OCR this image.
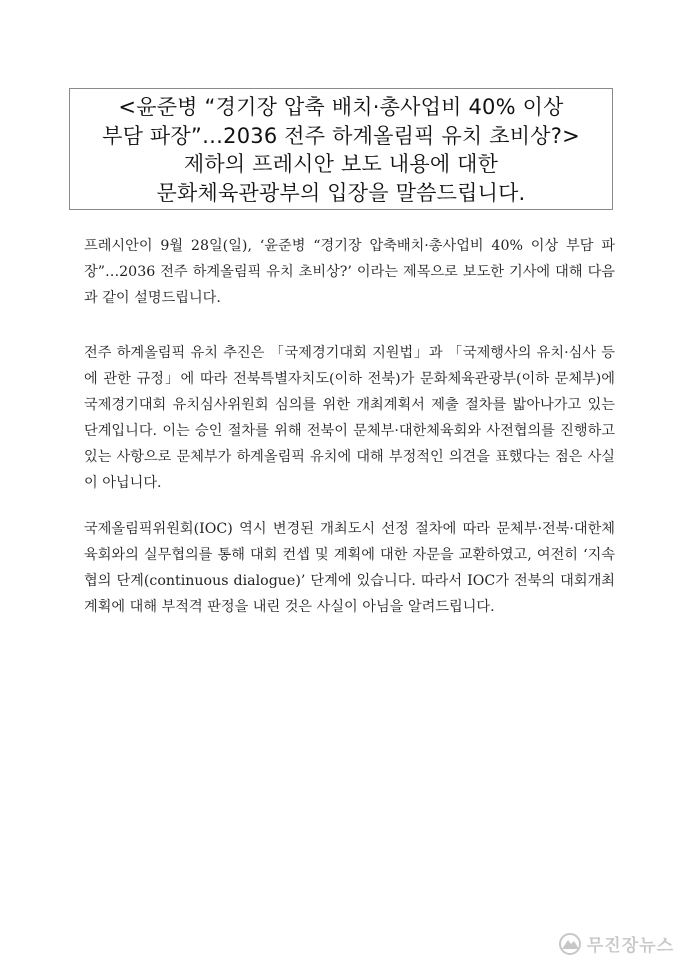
<윤준병 “경기장 압축 배치·총사업비 40% 이상
부담 파장”…2036 전주 하계올림픽 유치 초비상?>
제하의 프레시안 보도 내용에 대한
문화체육관광부의 입장을 말씀드립니다.

프레시안이 9월 28일(일), ‘윤준병 “경기장 압축배치·총사업비 40% 이상 부담 파장”…2036 전주 하계올림픽 유치 초비상?’ 이라는 제목으로 보도한 기사에 대해 다음과 같이 설명드립니다.

전주 하계올림픽 유치 추진은 「국제경기대회 지원법」과 「국제행사의 유치·심사 등에 관한 규정」에 따라 전북특별자치도(이하 전북)가 문화체육관광부(이하 문체부)에 국제경기대회 유치심사위원회 심의를 위한 개최계획서 제출 절차를 밟아나가고 있는 단계입니다. 이는 승인 절차를 위해 전북이 문체부·대한체육회와 사전협의를 진행하고 있는 사항으로 문체부가 하계올림픽 유치에 대해 부정적인 의견을 표했다는 점은 사실이 아닙니다.

국제올림픽위원회(IOC) 역시 변경된 개최도시 선정 절차에 따라 문체부·전북·대한체육회와의 실무협의를 통해 대회 컨셉 및 계획에 대한 자문을 교환하였고, 여전히 ‘지속협의 단계(continuous dialogue)’ 단계에 있습니다. 따라서 IOC가 전북의 대회개최계획에 대해 부적격 판정을 내린 것은 사실이 아님을 알려드립니다.

무진장뉴스
